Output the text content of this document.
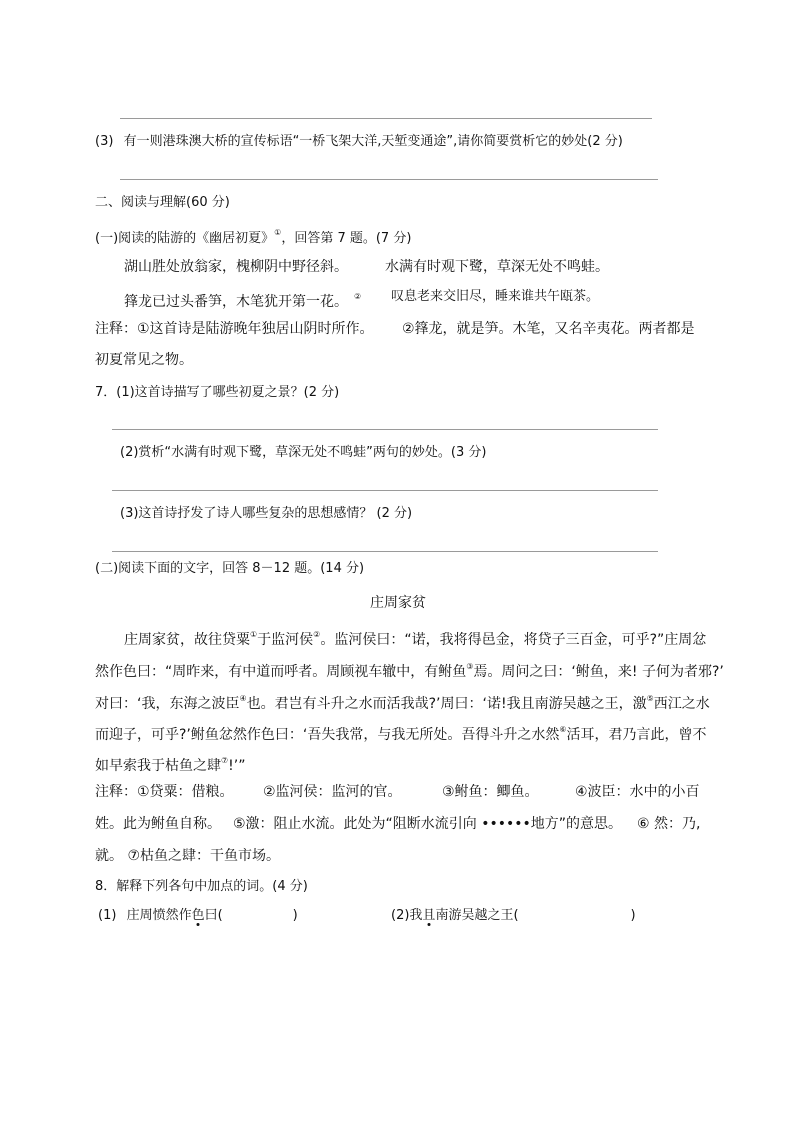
(3) 有一则港珠澳大桥的宣传标语“一桥飞架大洋,天堑变通途”,请你简要赏析它的妙处(2 分)
二、阅读与理解(60 分)
(一)阅读的陆游的《幽居初夏》①，回答第 7 题。(7 分)
湖山胜处放翁家，槐柳阴中野径斜。	水满有时观下鹭，草深无处不鸣蛙。
箨龙已过头番笋，木笔犹开第一花。 ② 叹息老来交旧尽，睡来谁共午瓯茶。
注释：①这首诗是陆游晚年独居山阴时所作。 ②箨龙，就是笋。木笔，又名辛夷花。两者都是
初夏常见之物。
7．(1)这首诗描写了哪些初夏之景？(2 分)
(2)赏析“水满有时观下鹭，草深无处不鸣蛙”两句的妙处。(3 分)
(3)这首诗抒发了诗人哪些复杂的思想感情？ (2 分)
(二)阅读下面的文字，回答 8－12 题。(14 分)
庄周家贫
庄周家贫，故往贷粟①于监河侯②。监河侯曰：“诺，我将得邑金，将贷子三百金，可乎?”庄周忿
然作色曰：“周昨来，有中道而呼者。周顾视车辙中，有鲋鱼③焉。周问之曰：‘鲋鱼，来! 子何为者邪?’
对曰：‘我，东海之波臣④也。君岂有斗升之水而活我哉?’周曰：‘诺!我且南游吴越之王，激⑤西江之水
而迎子，可乎?’鲋鱼忿然作色曰：‘吾失我常，与我无所处。吾得斗升之水然⑥活耳，君乃言此，曾不
如早索我于枯鱼之肆⑦!’”
注释：①贷粟：借粮。 ②监河侯：监河的官。	③鲋鱼：鲫鱼。	④波臣：水中的小百
姓。此为鲋鱼自称。 ⑤激：阻止水流。此处为“阻断水流引向 ••••••地方”的意思。 ⑥ 然：乃,
就。 ⑦枯鱼之肆：干鱼市场。
8．解释下列各句中加点的词。(4 分)
(1) 庄周愤然作色曰(	)	(2)我且南游吴越之王(	)
